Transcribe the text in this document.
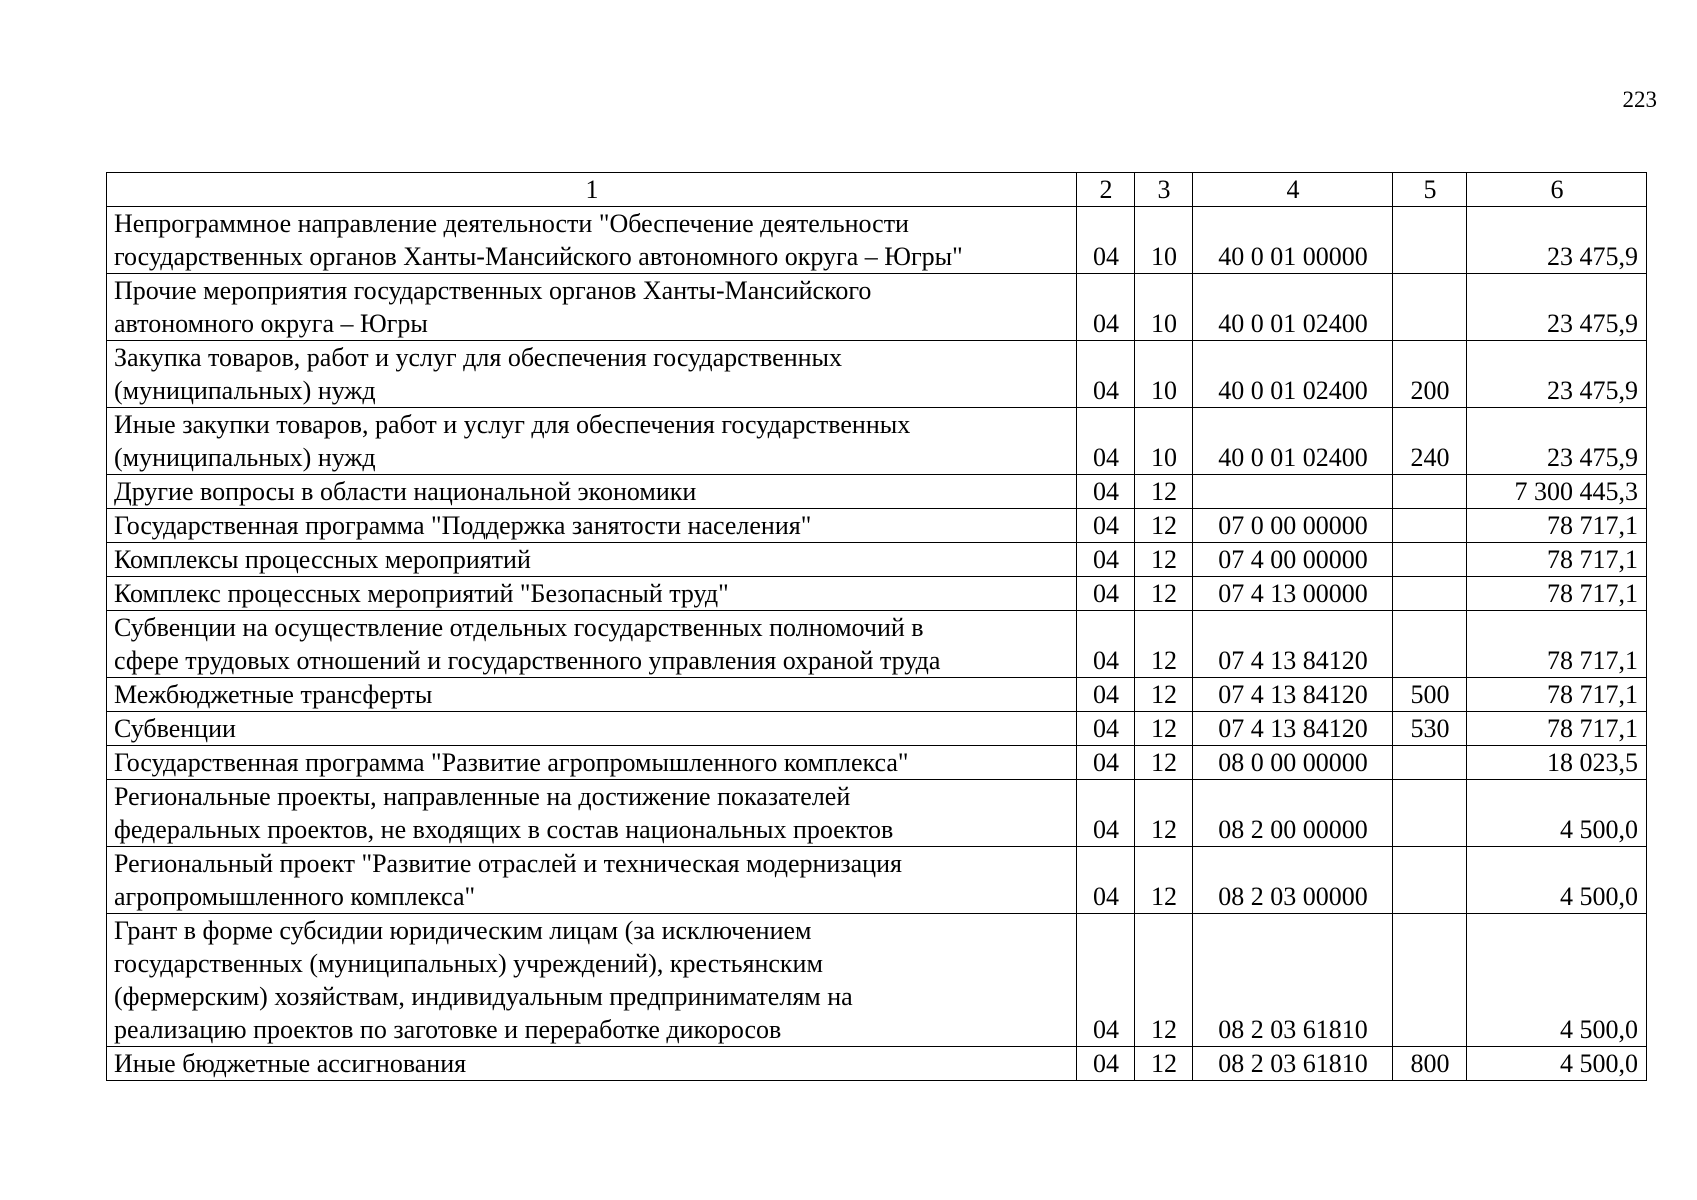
223
1	2	3	4	5	6

Непрограммное направление деятельности "Обеспечение деятельности
государственных органов Ханты-Мансийского автономного округа – Югры"	04	10	40 0 01 00000		23 475,9

Прочие мероприятия государственных органов Ханты-Мансийского
автономного округа – Югры	04	10	40 0 01 02400		23 475,9

Закупка товаров, работ и услуг для обеспечения государственных
(муниципальных) нужд	04	10	40 0 01 02400	200	23 475,9

Иные закупки товаров, работ и услуг для обеспечения государственных
(муниципальных) нужд	04	10	40 0 01 02400	240	23 475,9

Другие вопросы в области национальной экономики	04	12			7 300 445,3

Государственная программа "Поддержка занятости населения"	04	12	07 0 00 00000		78 717,1

Комплексы процессных мероприятий	04	12	07 4 00 00000		78 717,1

Комплекс процессных мероприятий "Безопасный труд"	04	12	07 4 13 00000		78 717,1

Субвенции на осуществление отдельных государственных полномочий в
сфере трудовых отношений и государственного управления охраной труда	04	12	07 4 13 84120		78 717,1

Межбюджетные трансферты	04	12	07 4 13 84120	500	78 717,1

Субвенции	04	12	07 4 13 84120	530	78 717,1

Государственная программа "Развитие агропромышленного комплекса"	04	12	08 0 00 00000		18 023,5

Региональные проекты, направленные на достижение показателей
федеральных проектов, не входящих в состав национальных проектов	04	12	08 2 00 00000		4 500,0

Региональный проект "Развитие отраслей и техническая модернизация
агропромышленного комплекса"	04	12	08 2 03 00000		4 500,0

Грант в форме субсидии юридическим лицам (за исключением
государственных (муниципальных) учреждений), крестьянским
(фермерским) хозяйствам, индивидуальным предпринимателям на
реализацию проектов по заготовке и переработке дикоросов	04	12	08 2 03 61810		4 500,0

Иные бюджетные ассигнования	04	12	08 2 03 61810	800	4 500,0
